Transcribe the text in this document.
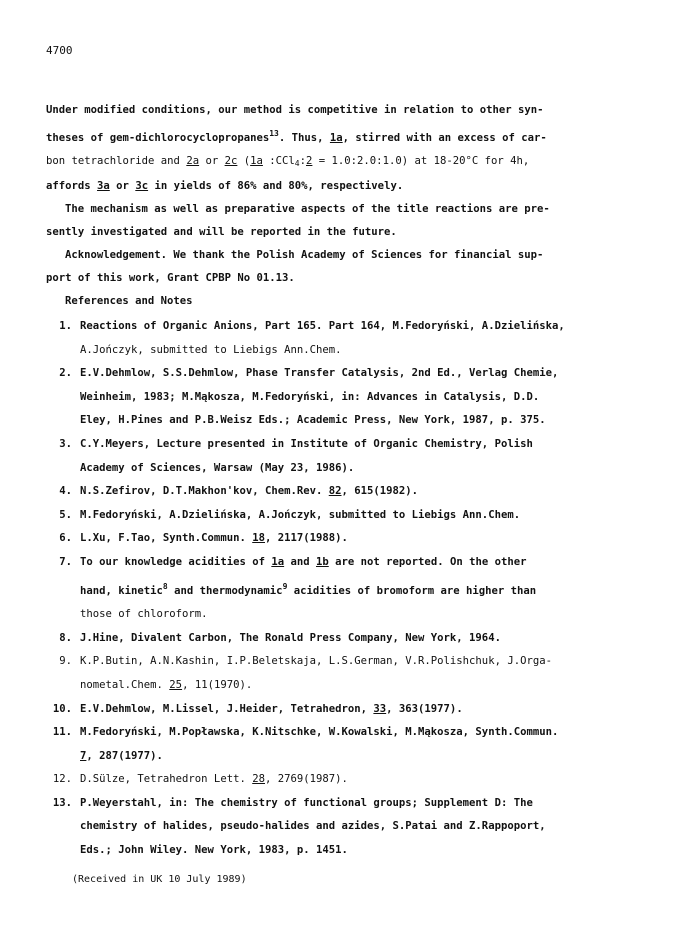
4700
Under modified conditions, our method is competitive in relation to other syn-
theses of gem-dichlorocyclopropanes$^{13}$. Thus, 1a, stirred with an excess of car-
bon tetrachloride and 2a or 2c (1a :CCl$_4$:2 = 1.0:2.0:1.0) at 18-20°C for 4h,
affords 3a or 3c in yields of 86% and 80%, respectively.
The mechanism as well as preparative aspects of the title reactions are pre-
sently investigated and will be reported in the future.
Acknowledgement. We thank the Polish Academy of Sciences for financial sup-
port of this work, Grant CPBP No 01.13.
References and Notes
1. Reactions of Organic Anions, Part 165. Part 164, M.Fedoryński, A.Dzielińska,
A.Jończyk, submitted to Liebigs Ann.Chem.
2. E.V.Dehmlow, S.S.Dehmlow, Phase Transfer Catalysis, 2nd Ed., Verlag Chemie,
Weinheim, 1983; M.Mąkosza, M.Fedoryński, in: Advances in Catalysis, D.D.
Eley, H.Pines and P.B.Weisz Eds.; Academic Press, New York, 1987, p. 375.
3. C.Y.Meyers, Lecture presented in Institute of Organic Chemistry, Polish
Academy of Sciences, Warsaw (May 23, 1986).
4. N.S.Zefirov, D.T.Makhon'kov, Chem.Rev. 82, 615(1982).
5. M.Fedoryński, A.Dzielińska, A.Jończyk, submitted to Liebigs Ann.Chem.
6. L.Xu, F.Tao, Synth.Commun. 18, 2117(1988).
7. To our knowledge acidities of 1a and 1b are not reported. On the other
hand, kinetic$^8$ and thermodynamic$^9$ acidities of bromoform are higher than
those of chloroform.
8. J.Hine, Divalent Carbon, The Ronald Press Company, New York, 1964.
9. K.P.Butin, A.N.Kashin, I.P.Beletskaja, L.S.German, V.R.Polishchuk, J.Orga-
nometal.Chem. 25, 11(1970).
10. E.V.Dehmlow, M.Lissel, J.Heider, Tetrahedron, 33, 363(1977).
11. M.Fedoryński, M.Popławska, K.Nitschke, W.Kowalski, M.Mąkosza, Synth.Commun.
7, 287(1977).
12. D.Sülze, Tetrahedron Lett. 28, 2769(1987).
13. P.Weyerstahl, in: The chemistry of functional groups; Supplement D: The
chemistry of halides, pseudo-halides and azides, S.Patai and Z.Rappoport,
Eds.; John Wiley. New York, 1983, p. 1451.
(Received in UK 10 July 1989)
